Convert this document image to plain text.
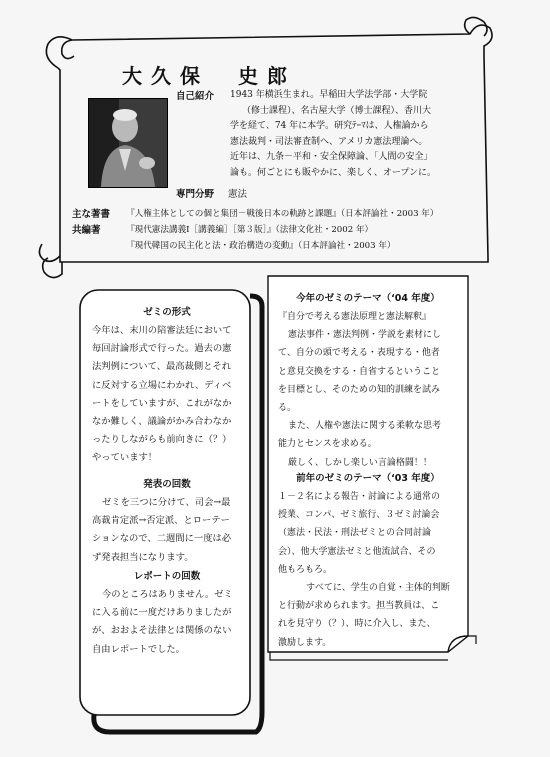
大久保　史郎
自己紹介 1943 年横浜生まれ。早稲田大学法学部・大学院
（修士課程）、名古屋大学（博士課程）、香川大
学を経て、74 年に本学。研究ﾃｰﾏは、人権論から
憲法裁判・司法審査制へ、アメリカ憲法理論へ。
近年は、九条－平和・安全保障論、「人間の安全」
論も。何ごとにも販やかに、楽しく、オープンに。
専門分野 憲法
主な著書 『人権主体としての個と集団－戦後日本の軌跡と課題』（日本評論社・2003 年）
共編著	『現代憲法講義Ⅰ［講義編］［第３版］』（法律文化社・2002 年）
『現代韓国の民主化と法・政治構造の変動』（日本評論社・2003 年）
ゼミの形式
今年は、末川の陪審法廷において
毎回討論形式で行った。過去の憲
法判例について、最高裁側とそれ
に反対する立場にわかれ、ディベ
ートをしていますが、これがなか
なか難しく、議論がかみ合わなか
ったりしながらも前向きに（？）
やっています！
発表の回数
ゼミを三つに分けて、司会→最
高裁肯定派→否定派、とローテー
ションなので、二週間に一度は必
ず発表担当になります。
レポートの回数
今のところはありません。ゼミ
に入る前に一度だけありましたが
が、おおよそ法律とは関係のない
自由レポートでした。
今年のゼミのテーマ（‘04 年度）
『自分で考える憲法原理と憲法解釈』
憲法事件・憲法判例・学説を素材にし
て、自分の頭で考える・表現する・他者
と意見交換をする・自省するということ
を目標とし、そのための知的訓練を試み
る。
また、人権や憲法に関する柔軟な思考
能力とセンスを求める。
厳しく、しかし楽しい言論格闘！！
前年のゼミのテーマ（‘03 年度）
１－２名による報告・討論による通常の
授業、コンパ、ゼミ旅行、３ゼミ討論会
（憲法・民法・刑法ゼミとの合同討論
会）、他大学憲法ゼミと他流試合、その
他もろもろ。
すべてに、学生の自覚・主体的判断
と行動が求められます。担当教員は、こ
れを見守り（？）、時に介入し、また、
激励します。
